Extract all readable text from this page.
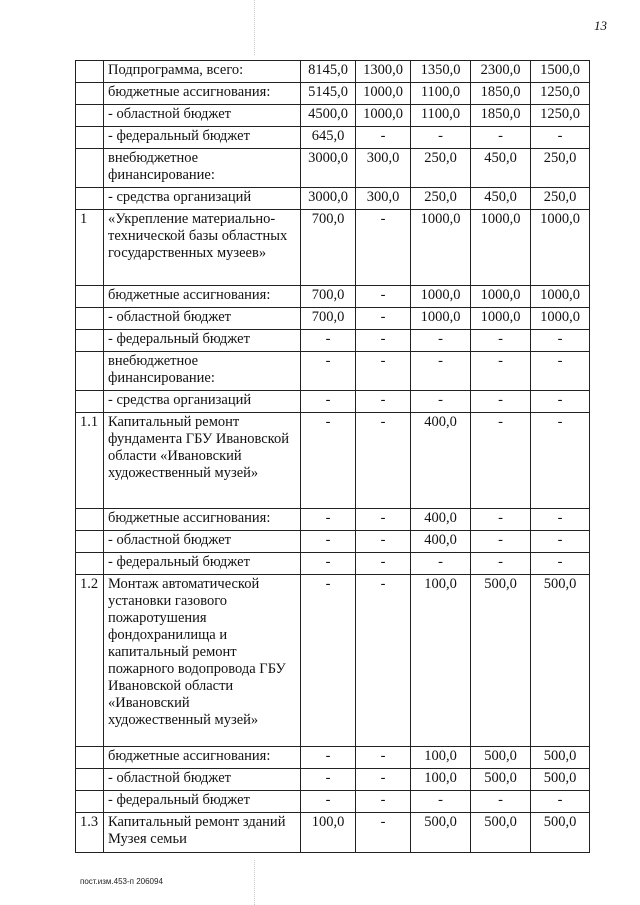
13
	Подпрограмма, всего:	8145,0	1300,0	1350,0	2300,0	1500,0
	бюджетные ассигнования:	5145,0	1000,0	1100,0	1850,0	1250,0
	- областной бюджет	4500,0	1000,0	1100,0	1850,0	1250,0
	- федеральный бюджет	645,0	-	-	-	-
	внебюджетное финансирование:	3000,0	300,0	250,0	450,0	250,0
	- средства организаций	3000,0	300,0	250,0	450,0	250,0
1	«Укрепление материально-технической базы областных государственных музеев»	700,0	-	1000,0	1000,0	1000,0
	бюджетные ассигнования:	700,0	-	1000,0	1000,0	1000,0
	- областной бюджет	700,0	-	1000,0	1000,0	1000,0
	- федеральный бюджет	-	-	-	-	-
	внебюджетное финансирование:	-	-	-	-	-
	- средства организаций	-	-	-	-	-
1.1	Капитальный ремонт фундамента ГБУ Ивановской области «Ивановский художественный музей»	-	-	400,0	-	-
	бюджетные ассигнования:	-	-	400,0	-	-
	- областной бюджет	-	-	400,0	-	-
	- федеральный бюджет	-	-	-	-	-
1.2	Монтаж автоматической установки газового пожаротушения фондохранилища и капитальный ремонт пожарного водопровода ГБУ Ивановской области «Ивановский художественный музей»	-	-	100,0	500,0	500,0
	бюджетные ассигнования:	-	-	100,0	500,0	500,0
	- областной бюджет	-	-	100,0	500,0	500,0
	- федеральный бюджет	-	-	-	-	-
1.3	Капитальный ремонт зданий Музея семьи	100,0	-	500,0	500,0	500,0
пост.изм.453-п 206094
